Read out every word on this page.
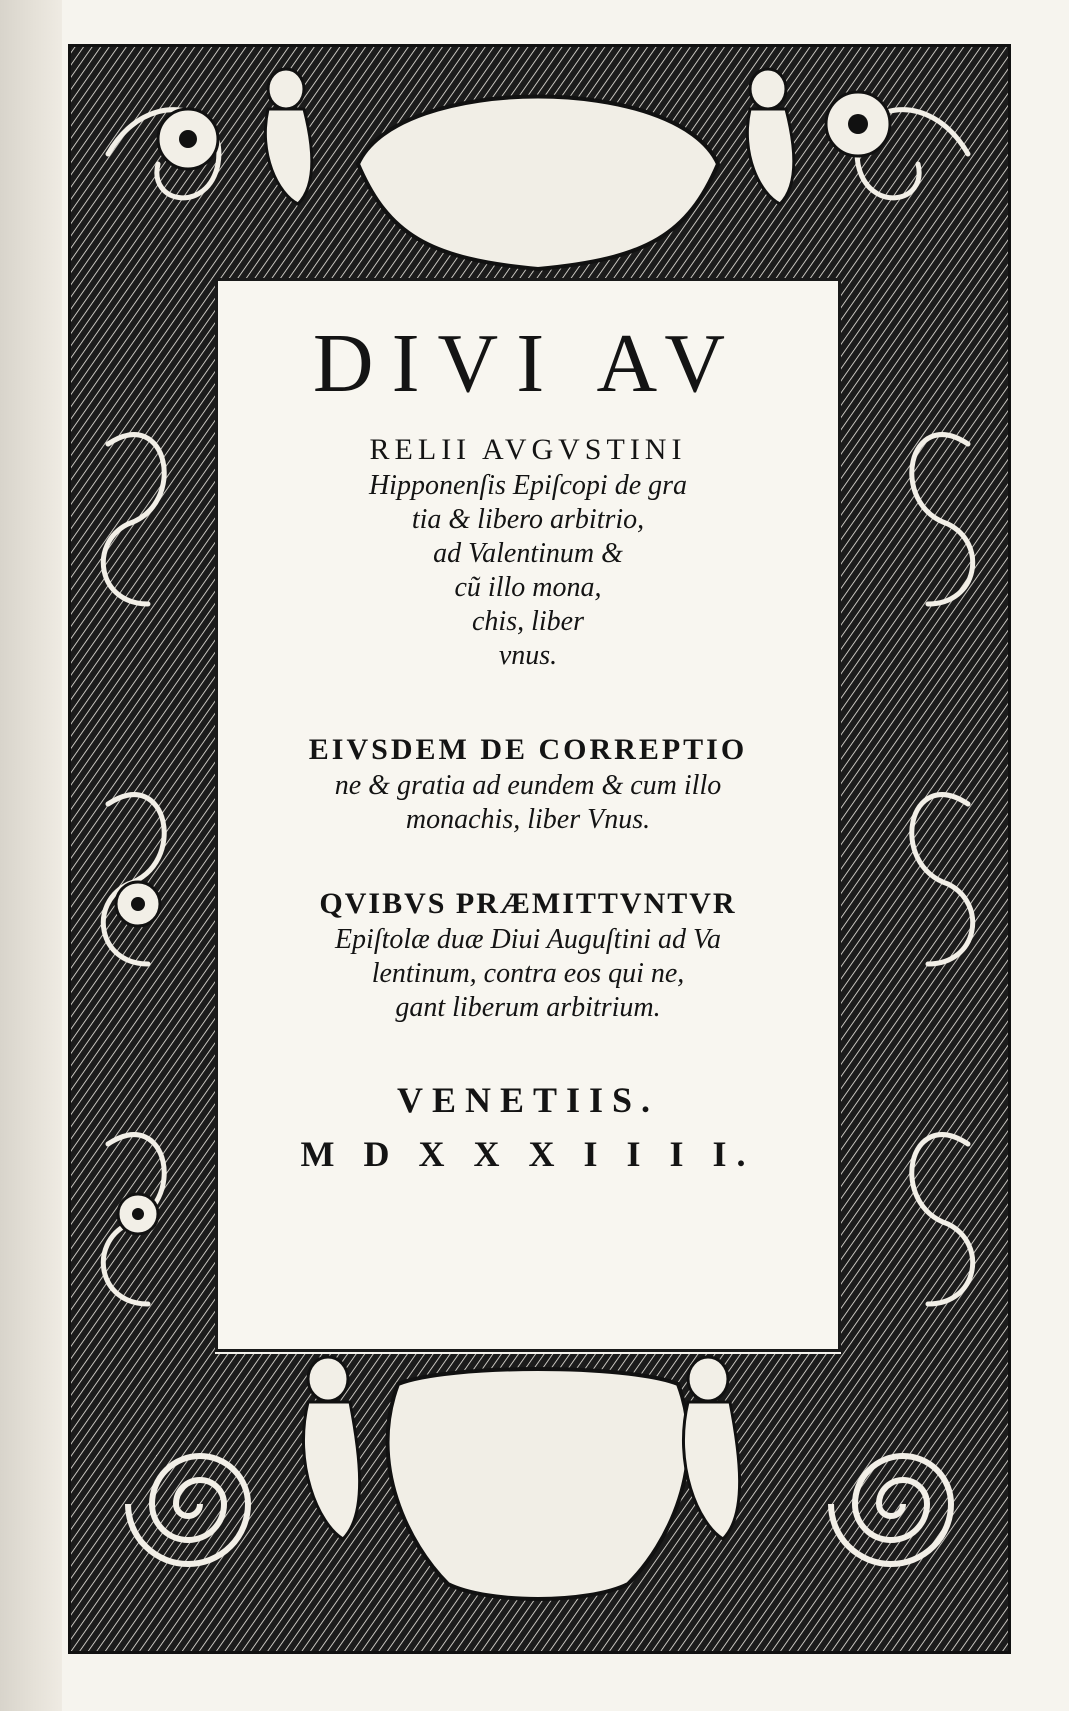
DIVI AV
RELII AVGVSTINI
Hipponenſis Epiſcopi de gra
tia & libero arbitrio,
ad Valentinum &
cũ illo mona,
chis, liber
vnus.
EIVSDEM DE CORREPTIO
ne & gratia ad eundem & cum illo
monachis, liber Vnus.
QVIBVS PRÆMITTVNTVR
Epiſtolæ duæ Diui Auguſtini ad Va
lentinum, contra eos qui ne,
gant liberum arbitrium.
VENETIIS.
M D X X X I I I I.
